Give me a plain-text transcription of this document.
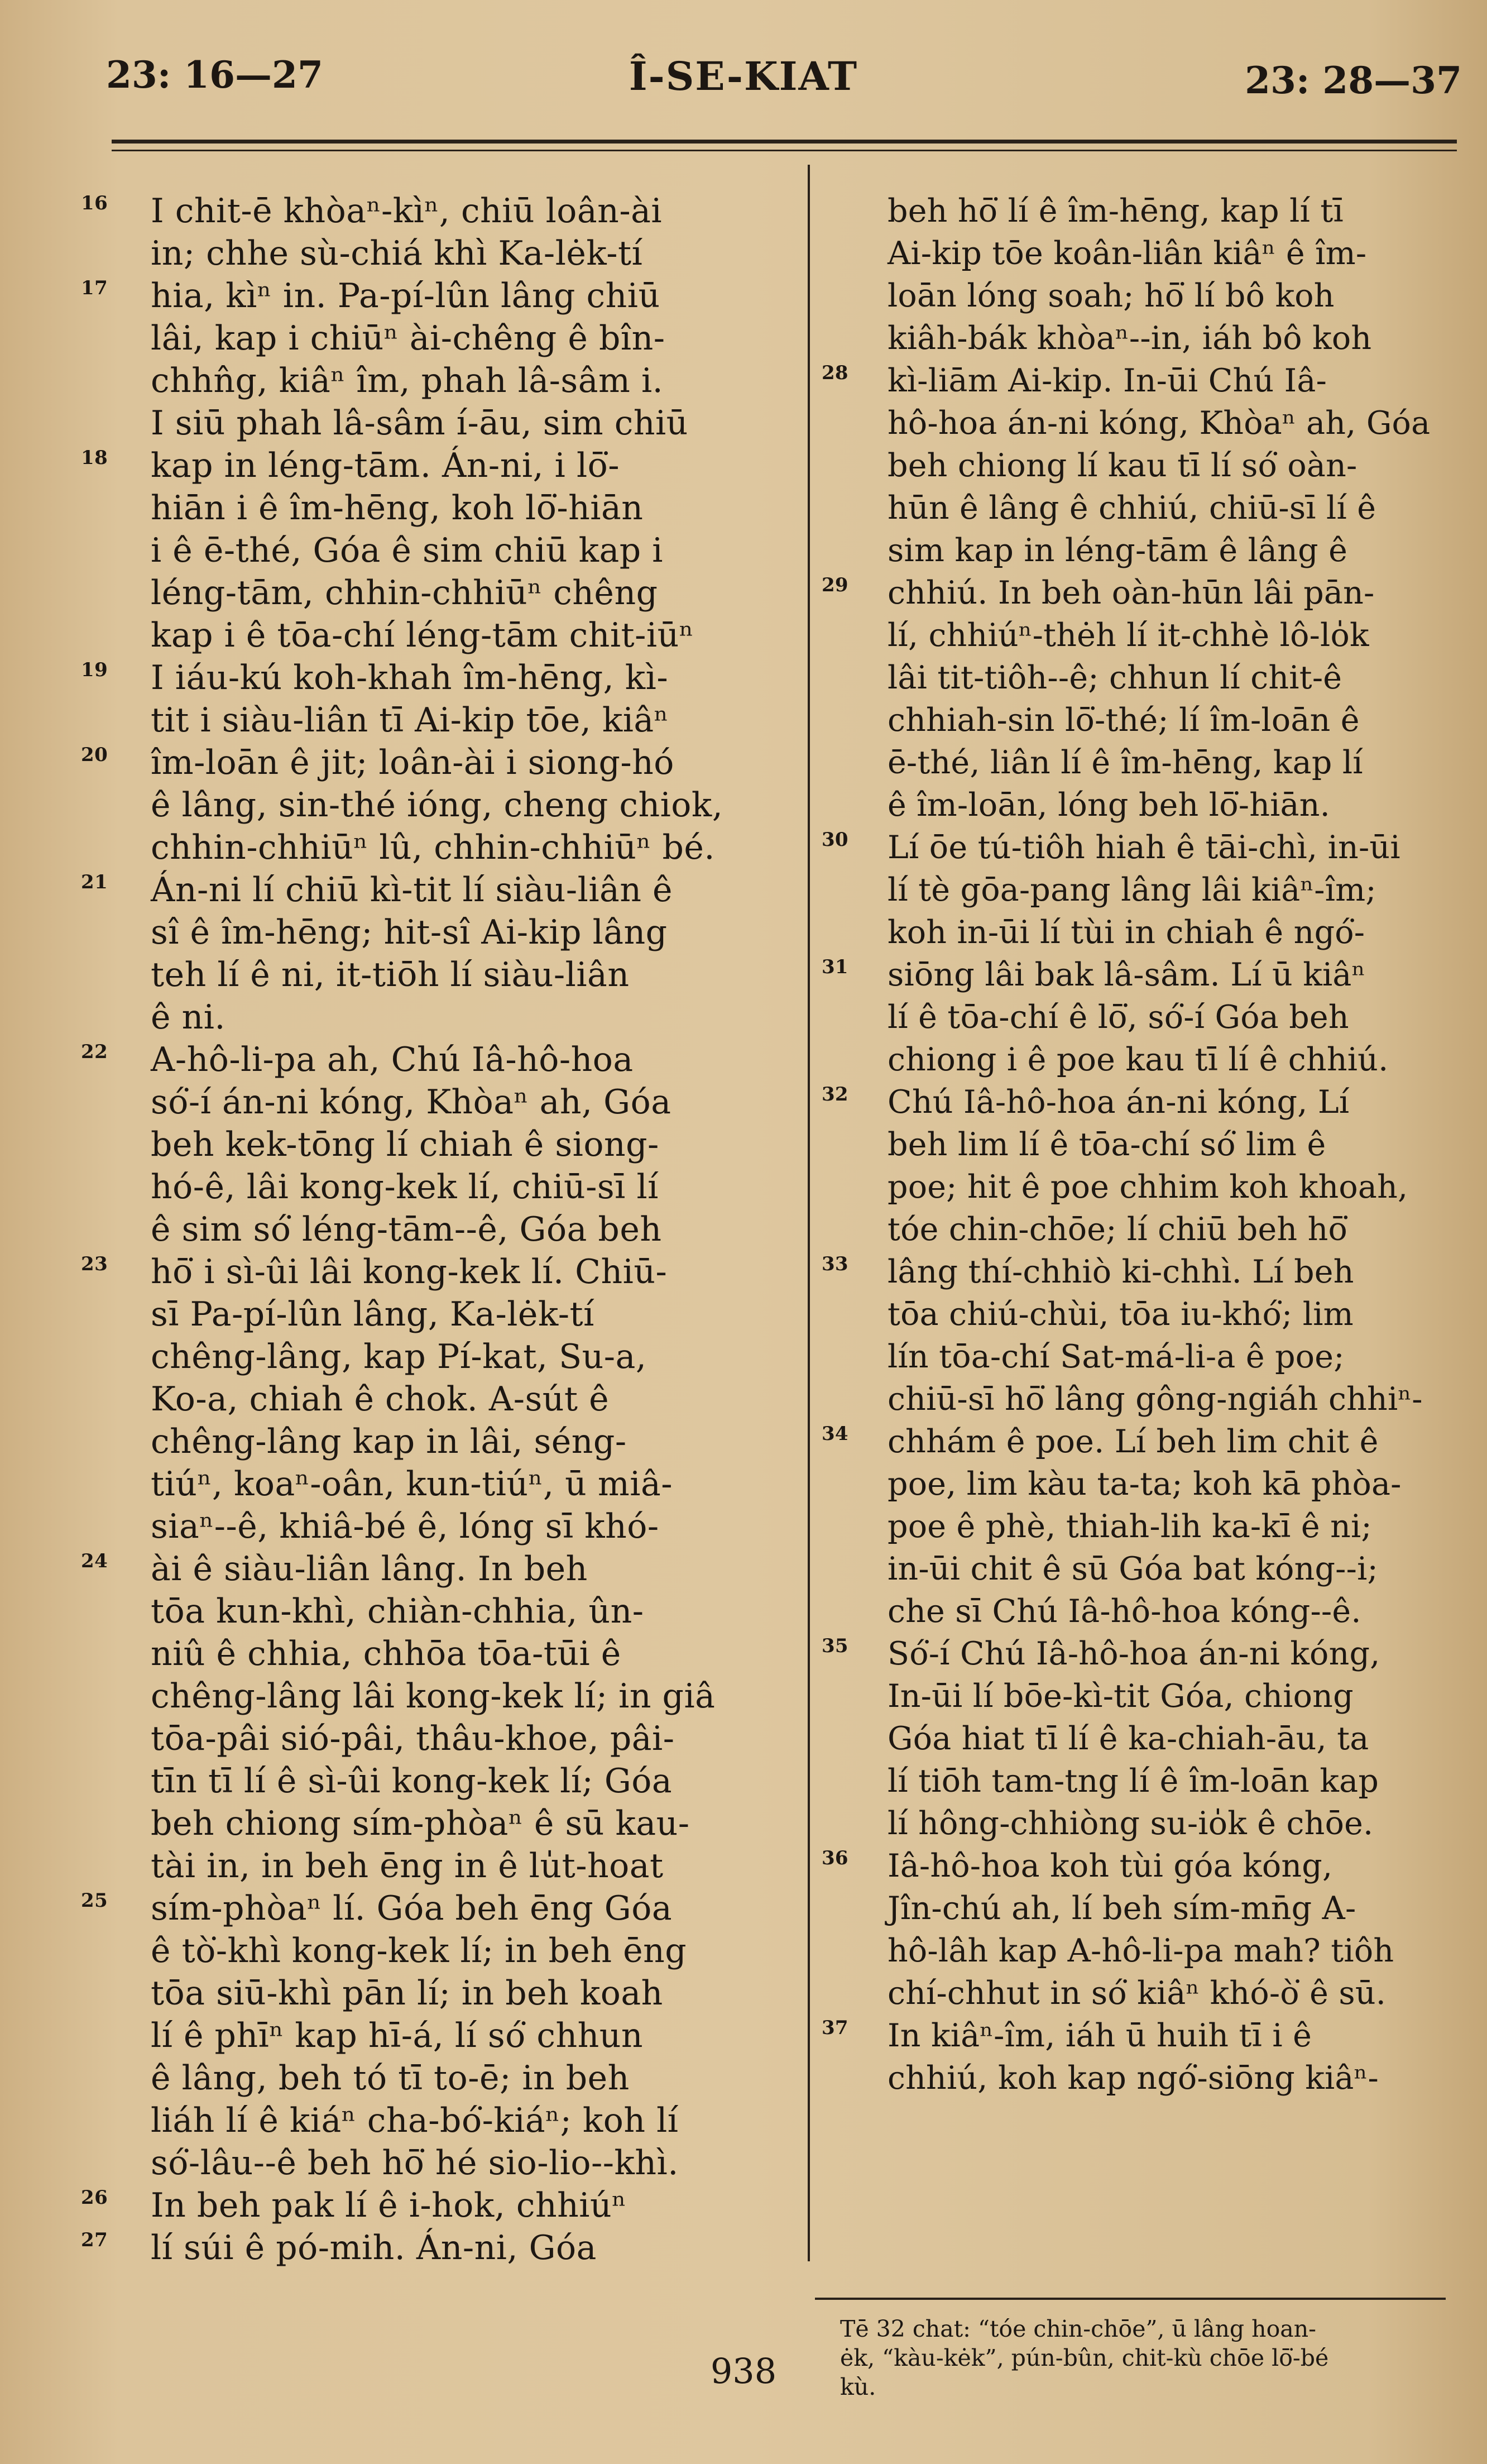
23: 16—27	Î-SE-KIAT	23: 28—37
16 I chit-ē khòaⁿ-kìⁿ, chiū loân-ài
in; chhe sù-chiá khì Ka-lėk-tí
17 hia, kìⁿ in. Pa-pí-lûn lâng chiū
lâi, kap i chiūⁿ ài-chêng ê bîn-
chhn̂g, kiâⁿ îm, phah lâ-sâm i.
I siū phah lâ-sâm í-āu, sim chiū
18 kap in léng-tām. Án-ni, i lō͘-
hiān i ê îm-hēng, koh lō͘-hiān
i ê ē-thé, Góa ê sim chiū kap i
léng-tām, chhin-chhiūⁿ chêng
kap i ê tōa-chí léng-tām chit-iūⁿ
19 I iáu-kú koh-khah îm-hēng, kì-
tit i siàu-liân tī Ai-kip tōe, kiâⁿ
20 îm-loān ê jit; loân-ài i siong-hó
ê lâng, sin-thé ióng, cheng chiok,
chhin-chhiūⁿ lû, chhin-chhiūⁿ bé.
21 Án-ni lí chiū kì-tit lí siàu-liân ê
sî ê îm-hēng; hit-sî Ai-kip lâng
teh lí ê ni, it-tiōh lí siàu-liân
ê ni.
22 A-hô-li-pa ah, Chú Iâ-hô-hoa
só͘-í án-ni kóng, Khòaⁿ ah, Góa
beh kek-tōng lí chiah ê siong-
hó-ê, lâi kong-kek lí, chiū-sī lí
ê sim só͘ léng-tām--ê, Góa beh
23 hō͘ i sì-ûi lâi kong-kek lí. Chiū-
sī Pa-pí-lûn lâng, Ka-lėk-tí
chêng-lâng, kap Pí-kat, Su-a,
Ko-a, chiah ê chok. A-sút ê
chêng-lâng kap in lâi, séng-
tiúⁿ, koaⁿ-oân, kun-tiúⁿ, ū miâ-
siaⁿ--ê, khiâ-bé ê, lóng sī khó-
24 ài ê siàu-liân lâng. In beh
tōa kun-khì, chiàn-chhia, ûn-
niû ê chhia, chhōa tōa-tūi ê
chêng-lâng lâi kong-kek lí; in giâ
tōa-pâi sió-pâi, thâu-khoe, pâi-
tīn tī lí ê sì-ûi kong-kek lí; Góa
beh chiong sím-phòaⁿ ê sū kau-
tài in, in beh ēng in ê lu̍t-hoat
25 sím-phòaⁿ lí. Góa beh ēng Góa
ê tò͘-khì kong-kek lí; in beh ēng
tōa siū-khì pān lí; in beh koah
lí ê phīⁿ kap hī-á, lí só͘ chhun
ê lâng, beh tó tī to-ē; in beh
liáh lí ê kiáⁿ cha-bó͘-kiáⁿ; koh lí
só͘-lâu--ê beh hō͘ hé sio-lio--khì.
26 In beh pak lí ê i-hok, chhiúⁿ
27 lí súi ê pó-mih. Án-ni, Góa
beh hō͘ lí ê îm-hēng, kap lí tī
Ai-kip tōe koân-liân kiâⁿ ê îm-
loān lóng soah; hō͘ lí bô koh
kiâh-bák khòaⁿ--in, iáh bô koh
28 kì-liām Ai-kip. In-ūi Chú Iâ-
hô-hoa án-ni kóng, Khòaⁿ ah, Góa
beh chiong lí kau tī lí só͘ oàn-
hūn ê lâng ê chhiú, chiū-sī lí ê
sim kap in léng-tām ê lâng ê
29 chhiú. In beh oàn-hūn lâi pān-
lí, chhiúⁿ-thėh lí it-chhè lô-lo̍k
lâi tit-tiôh--ê; chhun lí chit-ê
chhiah-sin lō͘-thé; lí îm-loān ê
ē-thé, liân lí ê îm-hēng, kap lí
ê îm-loān, lóng beh lō͘-hiān.
30 Lí ōe tú-tiôh hiah ê tāi-chì, in-ūi
lí tè gōa-pang lâng lâi kiâⁿ-îm;
koh in-ūi lí tùi in chiah ê ngó͘-
31 siōng lâi bak lâ-sâm. Lí ū kiâⁿ
lí ê tōa-chí ê lō͘, só͘-í Góa beh
chiong i ê poe kau tī lí ê chhiú.
32 Chú Iâ-hô-hoa án-ni kóng, Lí
beh lim lí ê tōa-chí só͘ lim ê
poe; hit ê poe chhim koh khoah,
tóe chin-chōe; lí chiū beh hō͘
33 lâng thí-chhiò ki-chhì. Lí beh
tōa chiú-chùi, tōa iu-khó͘; lim
lín tōa-chí Sat-má-li-a ê poe;
chiū-sī hō͘ lâng gông-ngiáh chhiⁿ-
34 chhám ê poe. Lí beh lim chit ê
poe, lim kàu ta-ta; koh kā phòa-
poe ê phè, thiah-lih ka-kī ê ni;
in-ūi chit ê sū Góa bat kóng--i;
che sī Chú Iâ-hô-hoa kóng--ê.
35 Só͘-í Chú Iâ-hô-hoa án-ni kóng,
In-ūi lí bōe-kì-tit Góa, chiong
Góa hiat tī lí ê ka-chiah-āu, ta
lí tiōh tam-tng lí ê îm-loān kap
lí hông-chhiòng su-io̍k ê chōe.
36 Iâ-hô-hoa koh tùi góa kóng,
Jîn-chú ah, lí beh sím-mn̄g A-
hô-lâh kap A-hô-li-pa mah? tiôh
chí-chhut in só͘ kiâⁿ khó-ò͘ ê sū.
37 In kiâⁿ-îm, iáh ū huih tī i ê
chhiú, koh kap ngó͘-siōng kiâⁿ-
Tē 32 chat: “tóe chin-chōe”, ū lâng hoan-
ėk, “kàu-kėk”, pún-bûn, chit-kù chōe lō͘-bé
kù.
938
